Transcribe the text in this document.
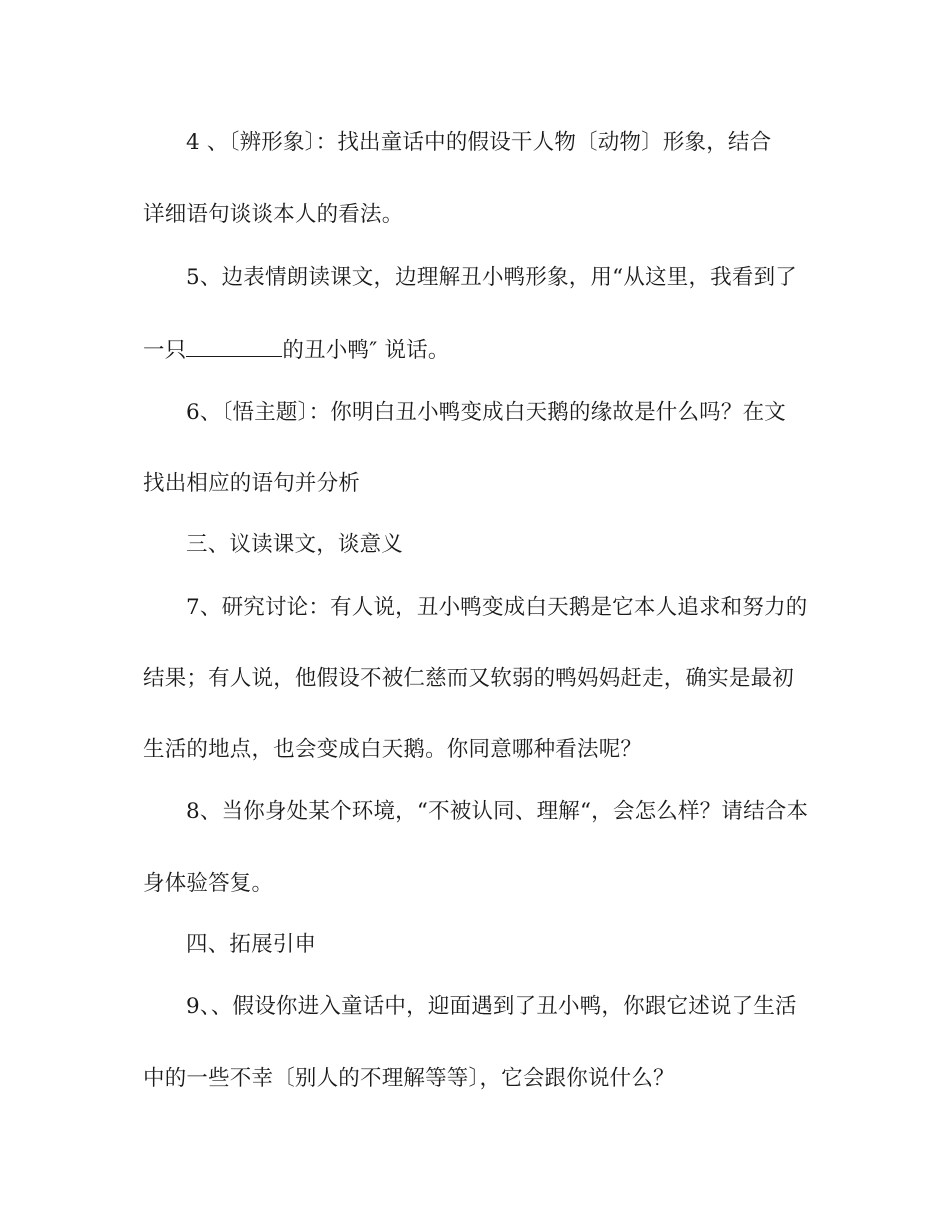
4 、〔辨形象〕：找出童话中的假设干人物〔动物〕形象，结合
详细语句谈谈本人的看法。
5、边表情朗读课文，边理解丑小鸭形象，用“从这里，我看到了
一只	的丑小鸭″ 说话。
6、〔悟主题〕：你明白丑小鸭变成白天鹅的缘故是什么吗？在文
找出相应的语句并分析
三、议读课文，谈意义
7、研究讨论：有人说，丑小鸭变成白天鹅是它本人追求和努力的
结果；有人说，他假设不被仁慈而又软弱的鸭妈妈赶走，确实是最初
生活的地点，也会变成白天鹅。你同意哪种看法呢？
8、当你身处某个环境，“不被认同、理解“，会怎么样？请结合本
身体验答复。
四、拓展引申
9、、假设你进入童话中，迎面遇到了丑小鸭，你跟它述说了生活
中的一些不幸〔别人的不理解等等〕，它会跟你说什么？
